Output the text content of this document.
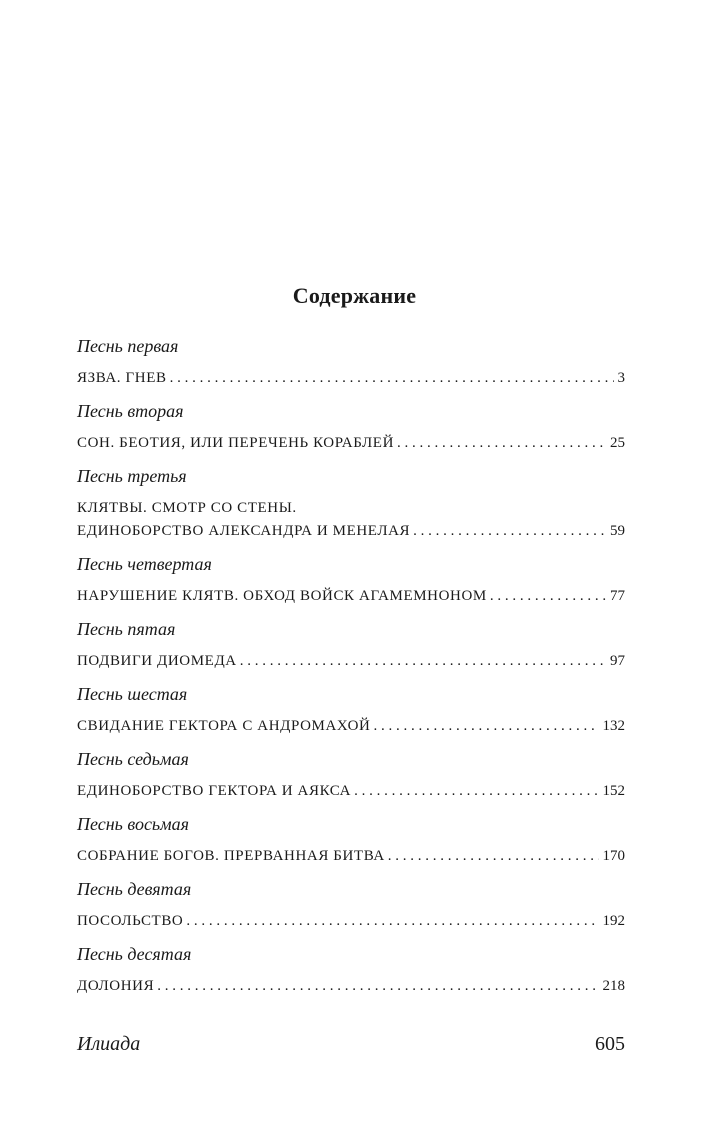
Содержание
Песнь первая
ЯЗВА. ГНЕВ . . .	3
Песнь вторая
СОН. БЕОТИЯ, ИЛИ ПЕРЕЧЕНЬ КОРАБЛЕЙ . . .	25
Песнь третья
КЛЯТВЫ. СМОТР СО СТЕНЫ.
ЕДИНОБОРСТВО АЛЕКСАНДРА И МЕНЕЛАЯ . . .	59
Песнь четвертая
НАРУШЕНИЕ КЛЯТВ. ОБХОД ВОЙСК АГАМЕМНОНОМ . . .	77
Песнь пятая
ПОДВИГИ ДИОМЕДА . . .	97
Песнь шестая
СВИДАНИЕ ГЕКТОРА С АНДРОМАХОЙ . . .	132
Песнь седьмая
ЕДИНОБОРСТВО ГЕКТОРА И АЯКСА . . .	152
Песнь восьмая
СОБРАНИЕ БОГОВ. ПРЕРВАННАЯ БИТВА . . .	170
Песнь девятая
ПОСОЛЬСТВО . . .	192
Песнь десятая
ДОЛОНИЯ . . .	218
Илиада	605
